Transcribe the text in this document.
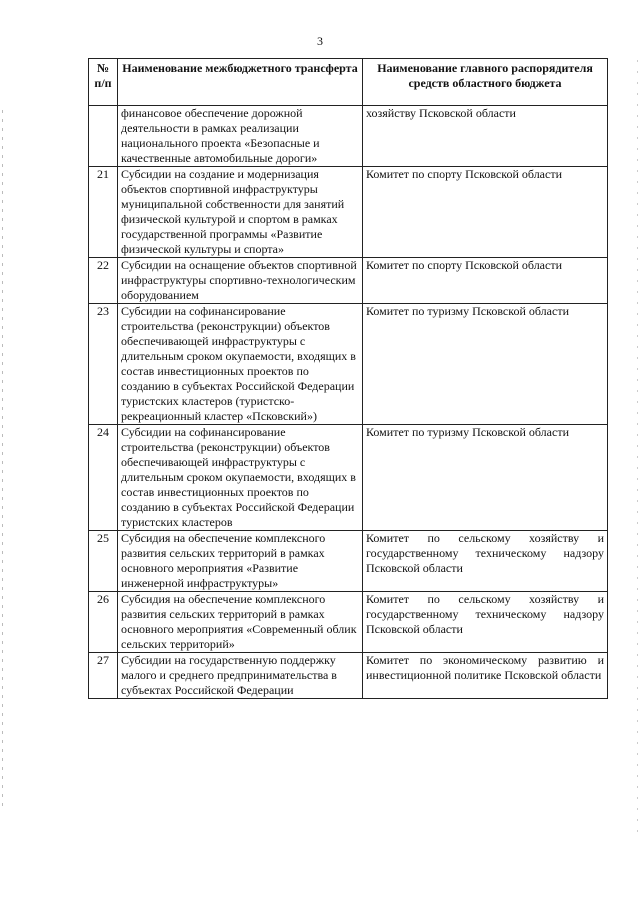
3
№ п/п	Наименование межбюджетного трансферта	Наименование главного распорядителя средств областного бюджета
	финансовое обеспечение дорожной деятельности в рамках реализации национального проекта «Безопасные и качественные автомобильные дороги»	хозяйству Псковской области
21	Субсидии на создание и модернизация объектов спортивной инфраструктуры муниципальной собственности для занятий физической культурой и спортом в рамках государственной программы «Развитие физической культуры и спорта»	Комитет по спорту Псковской области
22	Субсидии на оснащение объектов спортивной инфраструктуры спортивно-технологическим оборудованием	Комитет по спорту Псковской области
23	Субсидии на софинансирование строительства (реконструкции) объектов обеспечивающей инфраструктуры с длительным сроком окупаемости, входящих в состав инвестиционных проектов по созданию в субъектах Российской Федерации туристских кластеров (туристско-рекреационный кластер «Псковский»)	Комитет по туризму Псковской области
24	Субсидии на софинансирование строительства (реконструкции) объектов обеспечивающей инфраструктуры с длительным сроком окупаемости, входящих в состав инвестиционных проектов по созданию в субъектах Российской Федерации туристских кластеров	Комитет по туризму Псковской области
25	Субсидия на обеспечение комплексного развития сельских территорий в рамках основного мероприятия «Развитие инженерной инфраструктуры»	Комитет по сельскому хозяйству и государственному техническому надзору Псковской области
26	Субсидия на обеспечение комплексного развития сельских территорий в рамках основного мероприятия «Современный облик сельских территорий»	Комитет по сельскому хозяйству и государственному техническому надзору Псковской области
27	Субсидии на государственную поддержку малого и среднего предпринимательства в субъектах Российской Федерации	Комитет по экономическому развитию и инвестиционной политике Псковской области
